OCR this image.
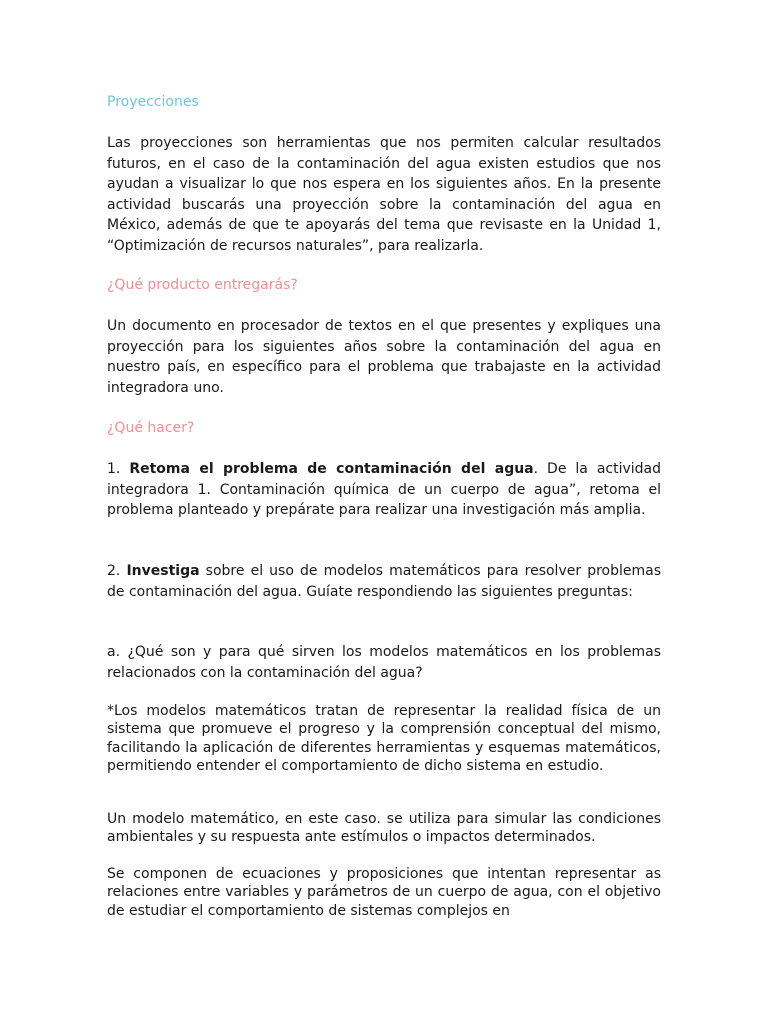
Proyecciones

Las proyecciones son herramientas que nos permiten calcular resultados futuros, en el caso de la contaminación del agua existen estudios que nos ayudan a visualizar lo que nos espera en los siguientes años. En la presente actividad buscarás una proyección sobre la contaminación del agua en México, además de que te apoyarás del tema que revisaste en la Unidad 1, “Optimización de recursos naturales”, para realizarla.

¿Qué producto entregarás?

Un documento en procesador de textos en el que presentes y expliques una proyección para los siguientes años sobre la contaminación del agua en nuestro país, en específico para el problema que trabajaste en la actividad integradora uno.

¿Qué hacer?

1. Retoma el problema de contaminación del agua. De la actividad integradora 1. Contaminación química de un cuerpo de agua”, retoma el problema planteado y prepárate para realizar una investigación más amplia.

2. Investiga sobre el uso de modelos matemáticos para resolver problemas de contaminación del agua. Guíate respondiendo las siguientes preguntas:

a. ¿Qué son y para qué sirven los modelos matemáticos en los problemas relacionados con la contaminación del agua?

*Los modelos matemáticos tratan de representar la realidad física de un sistema que promueve el progreso y la comprensión conceptual del mismo, facilitando la aplicación de diferentes herramientas y esquemas matemáticos, permitiendo entender el comportamiento de dicho sistema en estudio.

Un modelo matemático, en este caso. se utiliza para simular las condiciones ambientales y su respuesta ante estímulos o impactos determinados.

Se componen de ecuaciones y proposiciones que intentan representar as relaciones entre variables y parámetros de un cuerpo de agua, con el objetivo de estudiar el comportamiento de sistemas complejos en
